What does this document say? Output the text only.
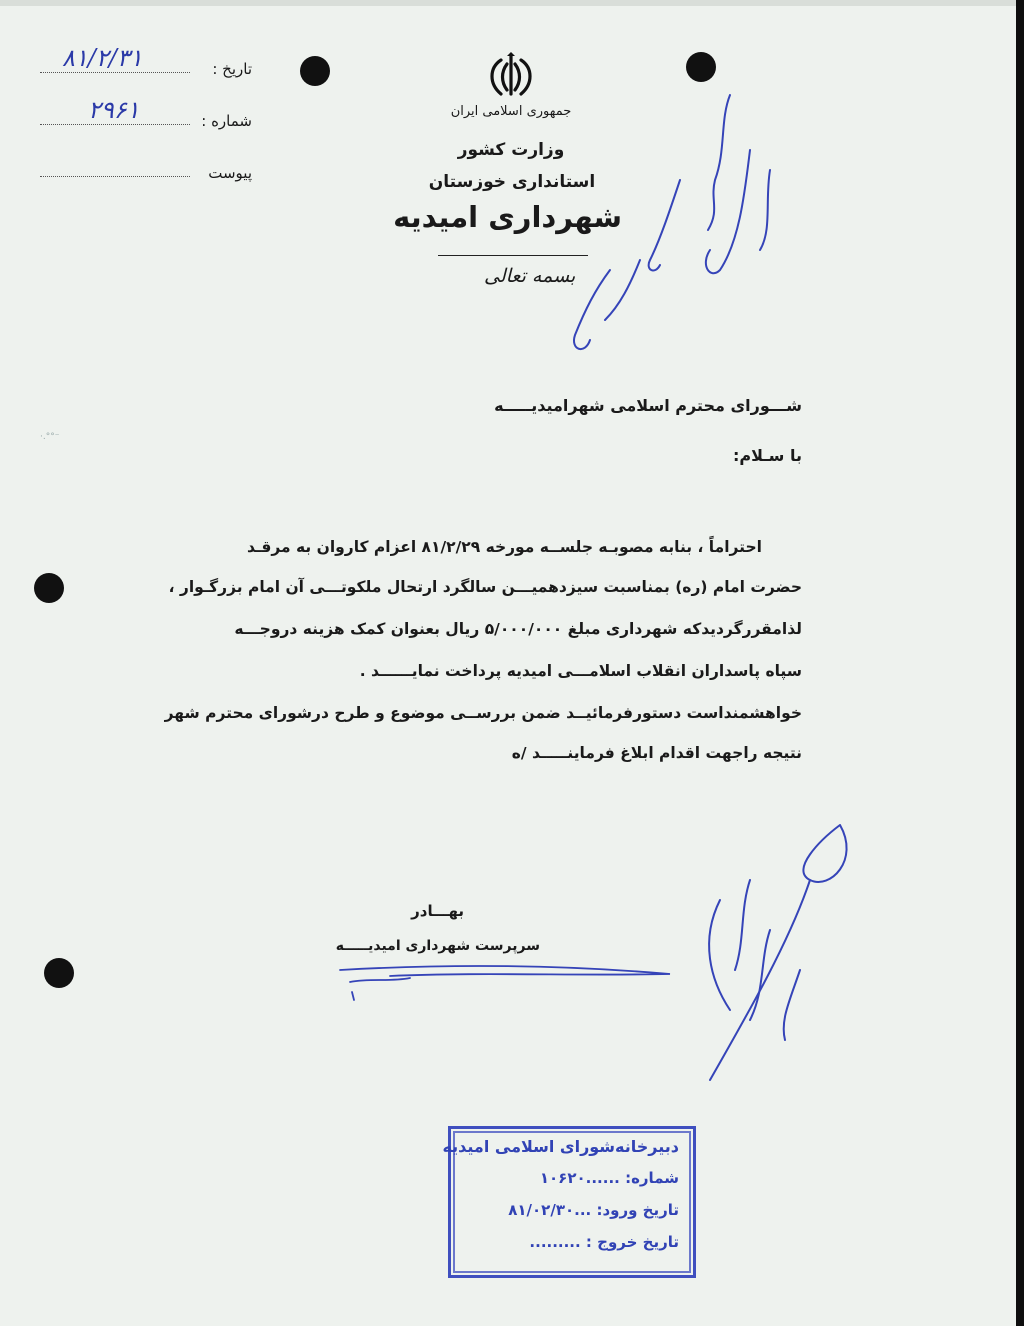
·.°°⁻
تاریخ :
۸۱/۲/۳۱
شماره :
۲۹۶۱
پیوست
جمهوری اسلامی ایران
وزارت کشور
استانداری خوزستان
شهرداری امیدیه
بسمه تعالی
شـــورای محترم اسلامی شهرامیدیـــــه
با سـلام:
احتراماً ، بنابه مصوبـه جلســه مورخه ۸۱/۲/۲۹ اعزام کاروان به مرقـد
حضرت امام (ره) بمناسبت سیزدهمیـــن سالگرد ارتحال ملکوتـــی آن امام بزرگـوار ،
لذامقررگردیدکه شهرداری مبلغ ۵/۰۰۰/۰۰۰ ریال بعنوان کمک هزینه دروجـــه
سپاه پاسداران انقلاب اسلامـــی امیدیه پرداخت نمایــــــد .
خواهشمنداست دستورفرمائیــد ضمن بررســی موضوع و طرح درشورای محترم شهر
نتیجه راجهت اقدام ابلاغ فرماینـــــد /ه
بهـــادر
سرپرست شهرداری امیدیـــــه
دبیرخانه‌شورای اسلامی امیدیه
شماره: ......۱۰۶۲۰
تاریخ ورود: ...۸۱/۰۲/۳۰
تاریخ خروج : .........
